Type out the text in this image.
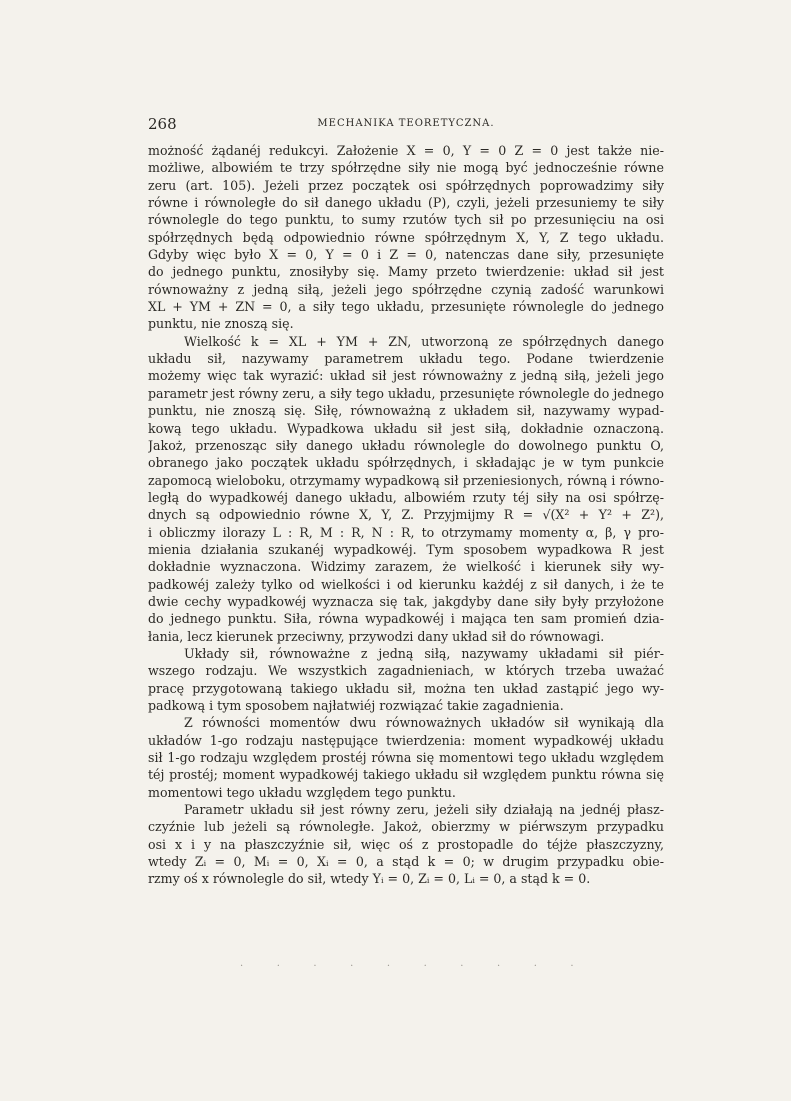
268	MECHANIKA TEORETYCZNA.

możność żądanéj redukcyi. Założenie X = 0, Y = 0 Z = 0 jest także nie-
możliwe, albowiém te trzy spółrzędne siły nie mogą być jednocześnie równe
zeru (art. 105). Jeżeli przez początek osi spółrzędnych poprowadzimy siły
równe i równoległe do sił danego układu (P), czyli, jeżeli przesuniemy te siły
równolegle do tego punktu, to sumy rzutów tych sił po przesunięciu na osi
spółrzędnych będą odpowiednio równe spółrzędnym X, Y, Z tego układu.
Gdyby więc było X = 0, Y = 0 i Z = 0, natenczas dane siły, przesunięte
do jednego punktu, znosiłyby się. Mamy przeto twierdzenie: układ sił jest
równoważny z jedną siłą, jeżeli jego spółrzędne czynią zadość warunkowi
XL + YM + ZN = 0, a siły tego układu, przesunięte równolegle do jednego
punktu, nie znoszą się.

Wielkość k = XL + YM + ZN, utworzoną ze spółrzędnych danego
układu sił, nazywamy parametrem układu tego. Podane twierdzenie
możemy więc tak wyrazić: układ sił jest równoważny z jedną siłą, jeżeli jego
parametr jest równy zeru, a siły tego układu, przesunięte równolegle do jednego
punktu, nie znoszą się. Siłę, równoważną z układem sił, nazywamy wypad-
kową tego układu. Wypadkowa układu sił jest siłą, dokładnie oznaczoną.
Jakoż, przenosząc siły danego układu równolegle do dowolnego punktu O,
obranego jako początek układu spółrzędnych, i składając je w tym punkcie
zapomocą wieloboku, otrzymamy wypadkową sił przeniesionych, równą i równo-
ległą do wypadkowéj danego układu, albowiém rzuty téj siły na osi spółrzę-
dnych są odpowiednio równe X, Y, Z. Przyjmijmy R = √(X² + Y² + Z²),
i obliczmy ilorazy L : R, M : R, N : R, to otrzymamy momenty α, β, γ pro-
mienia działania szukanéj wypadkowéj. Tym sposobem wypadkowa R jest
dokładnie wyznaczona. Widzimy zarazem, że wielkość i kierunek siły wy-
padkowéj zależy tylko od wielkości i od kierunku każdéj z sił danych, i że te
dwie cechy wypadkowéj wyznacza się tak, jakgdyby dane siły były przyłożone
do jednego punktu. Siła, równa wypadkowéj i mająca ten sam promień dzia-
łania, lecz kierunek przeciwny, przywodzi dany układ sił do równowagi.

Układy sił, równoważne z jedną siłą, nazywamy układami sił piér-
wszego rodzaju. We wszystkich zagadnieniach, w których trzeba uważać
pracę przygotowaną takiego układu sił, można ten układ zastąpić jego wy-
padkową i tym sposobem najłatwiéj rozwiązać takie zagadnienia.

Z równości momentów dwu równoważnych układów sił wynikają dla
układów 1-go rodzaju następujące twierdzenia: moment wypadkowéj układu
sił 1-go rodzaju względem prostéj równa się momentowi tego układu względem
téj prostéj; moment wypadkowéj takiego układu sił względem punktu równa się
momentowi tego układu względem tego punktu.

Parametr układu sił jest równy zeru, jeżeli siły działają na jednéj płasz-
czyźnie lub jeżeli są równoległe. Jakoż, obierzmy w piérwszym przypadku
osi x i y na płaszczyźnie sił, więc oś z prostopadle do téjże płaszczyzny,
wtedy Zᵢ = 0, Mᵢ = 0, Xᵢ = 0, a stąd k = 0; w drugim przypadku obie-
rzmy oś x równolegle do sił, wtedy Yᵢ = 0, Zᵢ = 0, Lᵢ = 0, a stąd k = 0.

.   .   .   .   .   .   .   .   .   .
